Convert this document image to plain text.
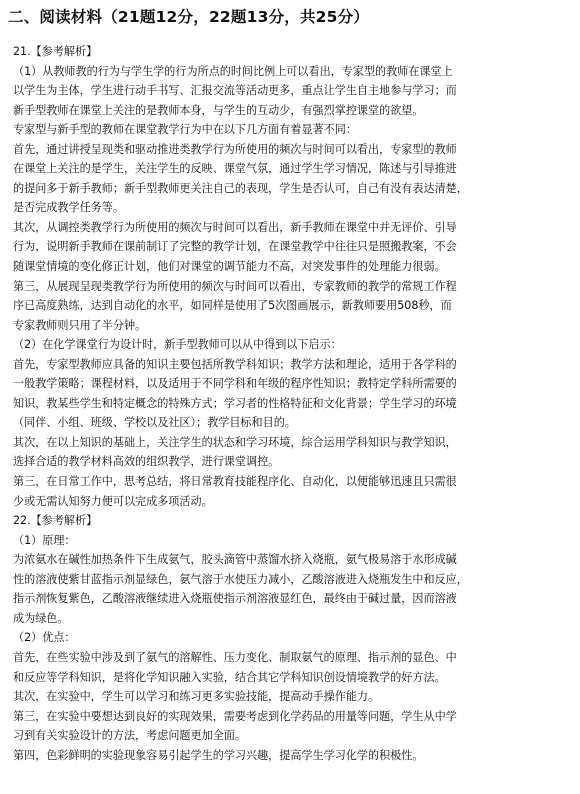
二、阅读材料（21题12分，22题13分，共25分）
21.【参考解析】
（1）从教师教的行为与学生学的行为所点的时间比例上可以看出，专家型的教师在课堂上
以学生为主体，学生进行动手书写、汇报交流等活动更多，重点让学生自主地参与学习；而
新手型教师在课堂上关注的是教师本身，与学生的互动少，有强烈掌控课堂的欲望。
专家型与新手型的教师在课堂教学行为中在以下几方面有着显著不同：
首先，通过讲授呈现类和驱动推进类教学行为所使用的频次与时间可以看出，专家型的教师
在课堂上关注的是学生，关注学生的反映、课堂气氛，通过学生学习情况，陈述与引导推进
的提问多于新手教师；新手型教师更关注自己的表现，学生是否认可，自己有没有表达清楚，
是否完成教学任务等。
其次，从调控类教学行为所使用的频次与时间可以看出，新手教师在课堂中并无评价、引导
行为，说明新手教师在课前制订了完整的教学计划，在课堂教学中往往只是照搬教案，不会
随课堂情境的变化修正计划，他们对课堂的调节能力不高，对突发事件的处理能力很弱。
第三，从展现呈现类教学行为所使用的频次与时间可以看出，专家教师的教学的常规工作程
序已高度熟练，达到自动化的水平，如同样是使用了5次图画展示，新教师要用508秒，而
专家教师则只用了半分钟。
（2）在化学课堂行为设计时，新手型教师可以从中得到以下启示：
首先，专家型教师应具备的知识主要包括所教学科知识；教学方法和理论，适用于各学科的
一般教学策略；课程材料，以及适用于不同学科和年级的程序性知识；教特定学科所需要的
知识，教某些学生和特定概念的特殊方式；学习者的性格特征和文化背景；学生学习的环境
（同伴、小组、班级、学校以及社区）；教学目标和目的。
其次，在以上知识的基础上，关注学生的状态和学习环境，综合运用学科知识与教学知识，
选择合适的教学材料高效的组织教学，进行课堂调控。
第三，在日常工作中，思考总结，将日常教育技能程序化、自动化，以便能够迅速且只需很
少或无需认知努力便可以完成多项活动。
22.【参考解析】
（1）原理：
为浓氨水在碱性加热条件下生成氨气，胶头滴管中蒸馏水挤入烧瓶，氨气极易溶于水形成碱
性的溶液使紫甘蓝指示剂显绿色，氨气溶于水使压力减小，乙酸溶液进入烧瓶发生中和反应，
指示剂恢复紫色，乙酸溶液继续进入烧瓶使指示剂溶液显红色，最终由于碱过量，因而溶液
成为绿色。
（2）优点：
首先，在些实验中涉及到了氨气的溶解性、压力变化、制取氨气的原理、指示剂的显色、中
和反应等学科知识，是将化学知识融入实验，结合其它学科知识创设情境教学的好方法。
其次，在实验中，学生可以学习和练习更多实验技能，提高动手操作能力。
第三，在实验中要想达到良好的实现效果，需要考虑到化学药品的用量等问题，学生从中学
习到有关实验设计的方法，考虑问题更加全面。
第四，色彩鲜明的实验现象容易引起学生的学习兴趣，提高学生学习化学的积极性。
